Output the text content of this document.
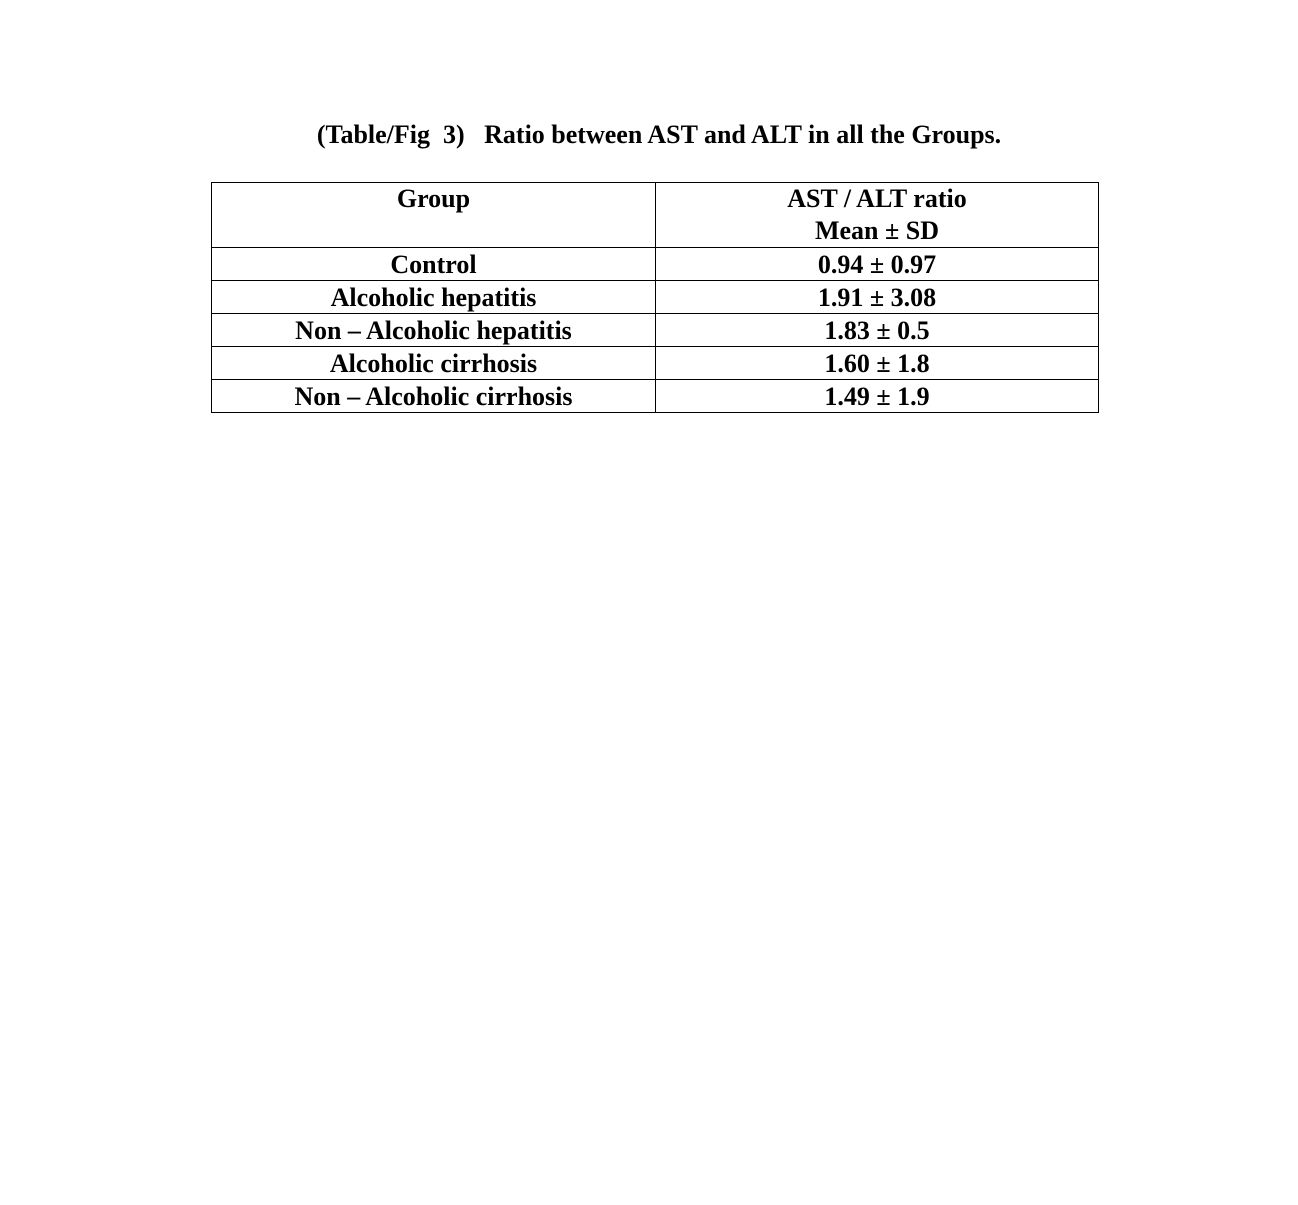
(Table/Fig  3)   Ratio between AST and ALT in all the Groups.
Group	AST / ALT ratio
Mean ± SD

Control	0.94 ± 0.97
Alcoholic hepatitis	1.91 ± 3.08
Non – Alcoholic hepatitis	1.83 ± 0.5
Alcoholic cirrhosis	1.60 ± 1.8
Non – Alcoholic cirrhosis	1.49 ± 1.9
